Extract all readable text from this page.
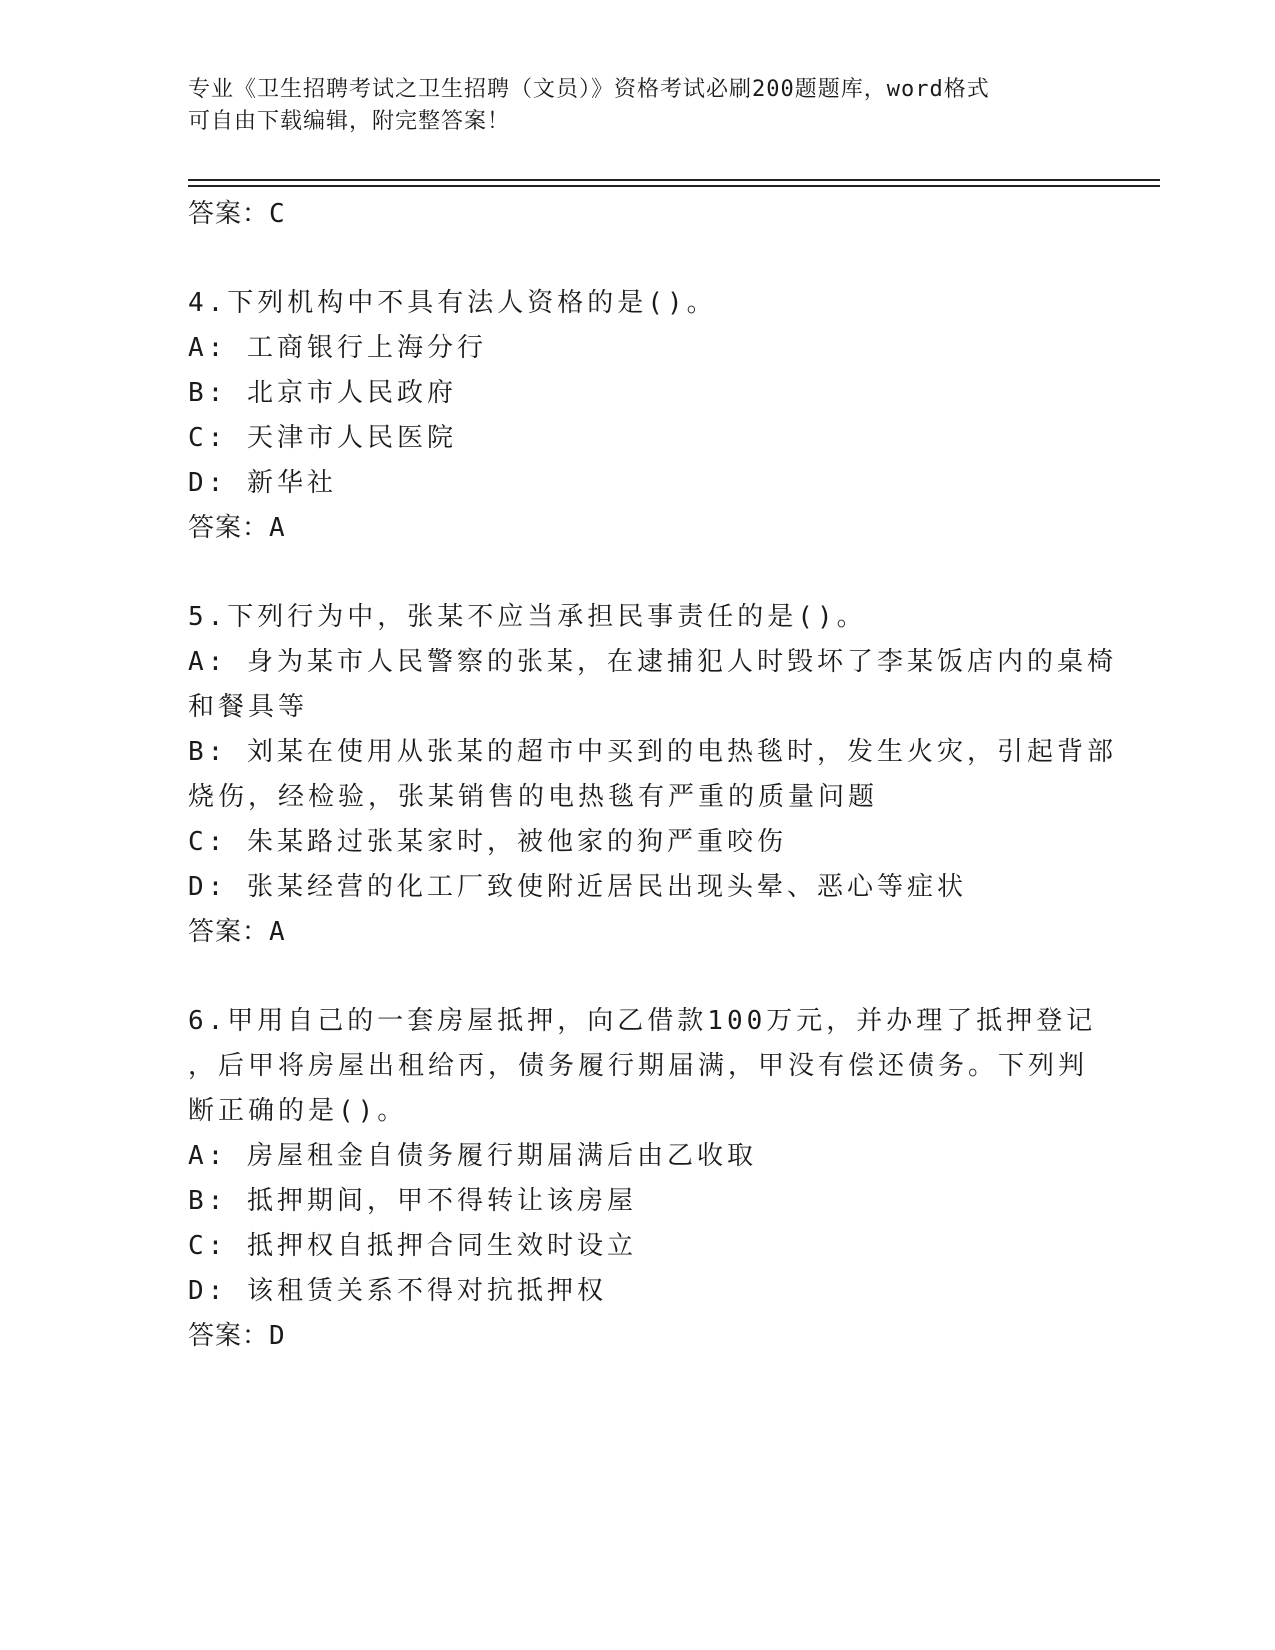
专业《卫生招聘考试之卫生招聘（文员）》资格考试必刷200题题库，word格式
可自由下载编辑，附完整答案！
答案：C
4.下列机构中不具有法人资格的是()。
A: 工商银行上海分行
B: 北京市人民政府
C: 天津市人民医院
D: 新华社
答案：A
5.下列行为中，张某不应当承担民事责任的是()。
A: 身为某市人民警察的张某，在逮捕犯人时毁坏了李某饭店内的桌椅
和餐具等
B: 刘某在使用从张某的超市中买到的电热毯时，发生火灾，引起背部
烧伤，经检验，张某销售的电热毯有严重的质量问题
C: 朱某路过张某家时，被他家的狗严重咬伤
D: 张某经营的化工厂致使附近居民出现头晕、恶心等症状
答案：A
6.甲用自己的一套房屋抵押，向乙借款100万元，并办理了抵押登记
，后甲将房屋出租给丙，债务履行期届满，甲没有偿还债务。下列判
断正确的是()。
A: 房屋租金自债务履行期届满后由乙收取
B: 抵押期间，甲不得转让该房屋
C: 抵押权自抵押合同生效时设立
D: 该租赁关系不得对抗抵押权
答案：D
